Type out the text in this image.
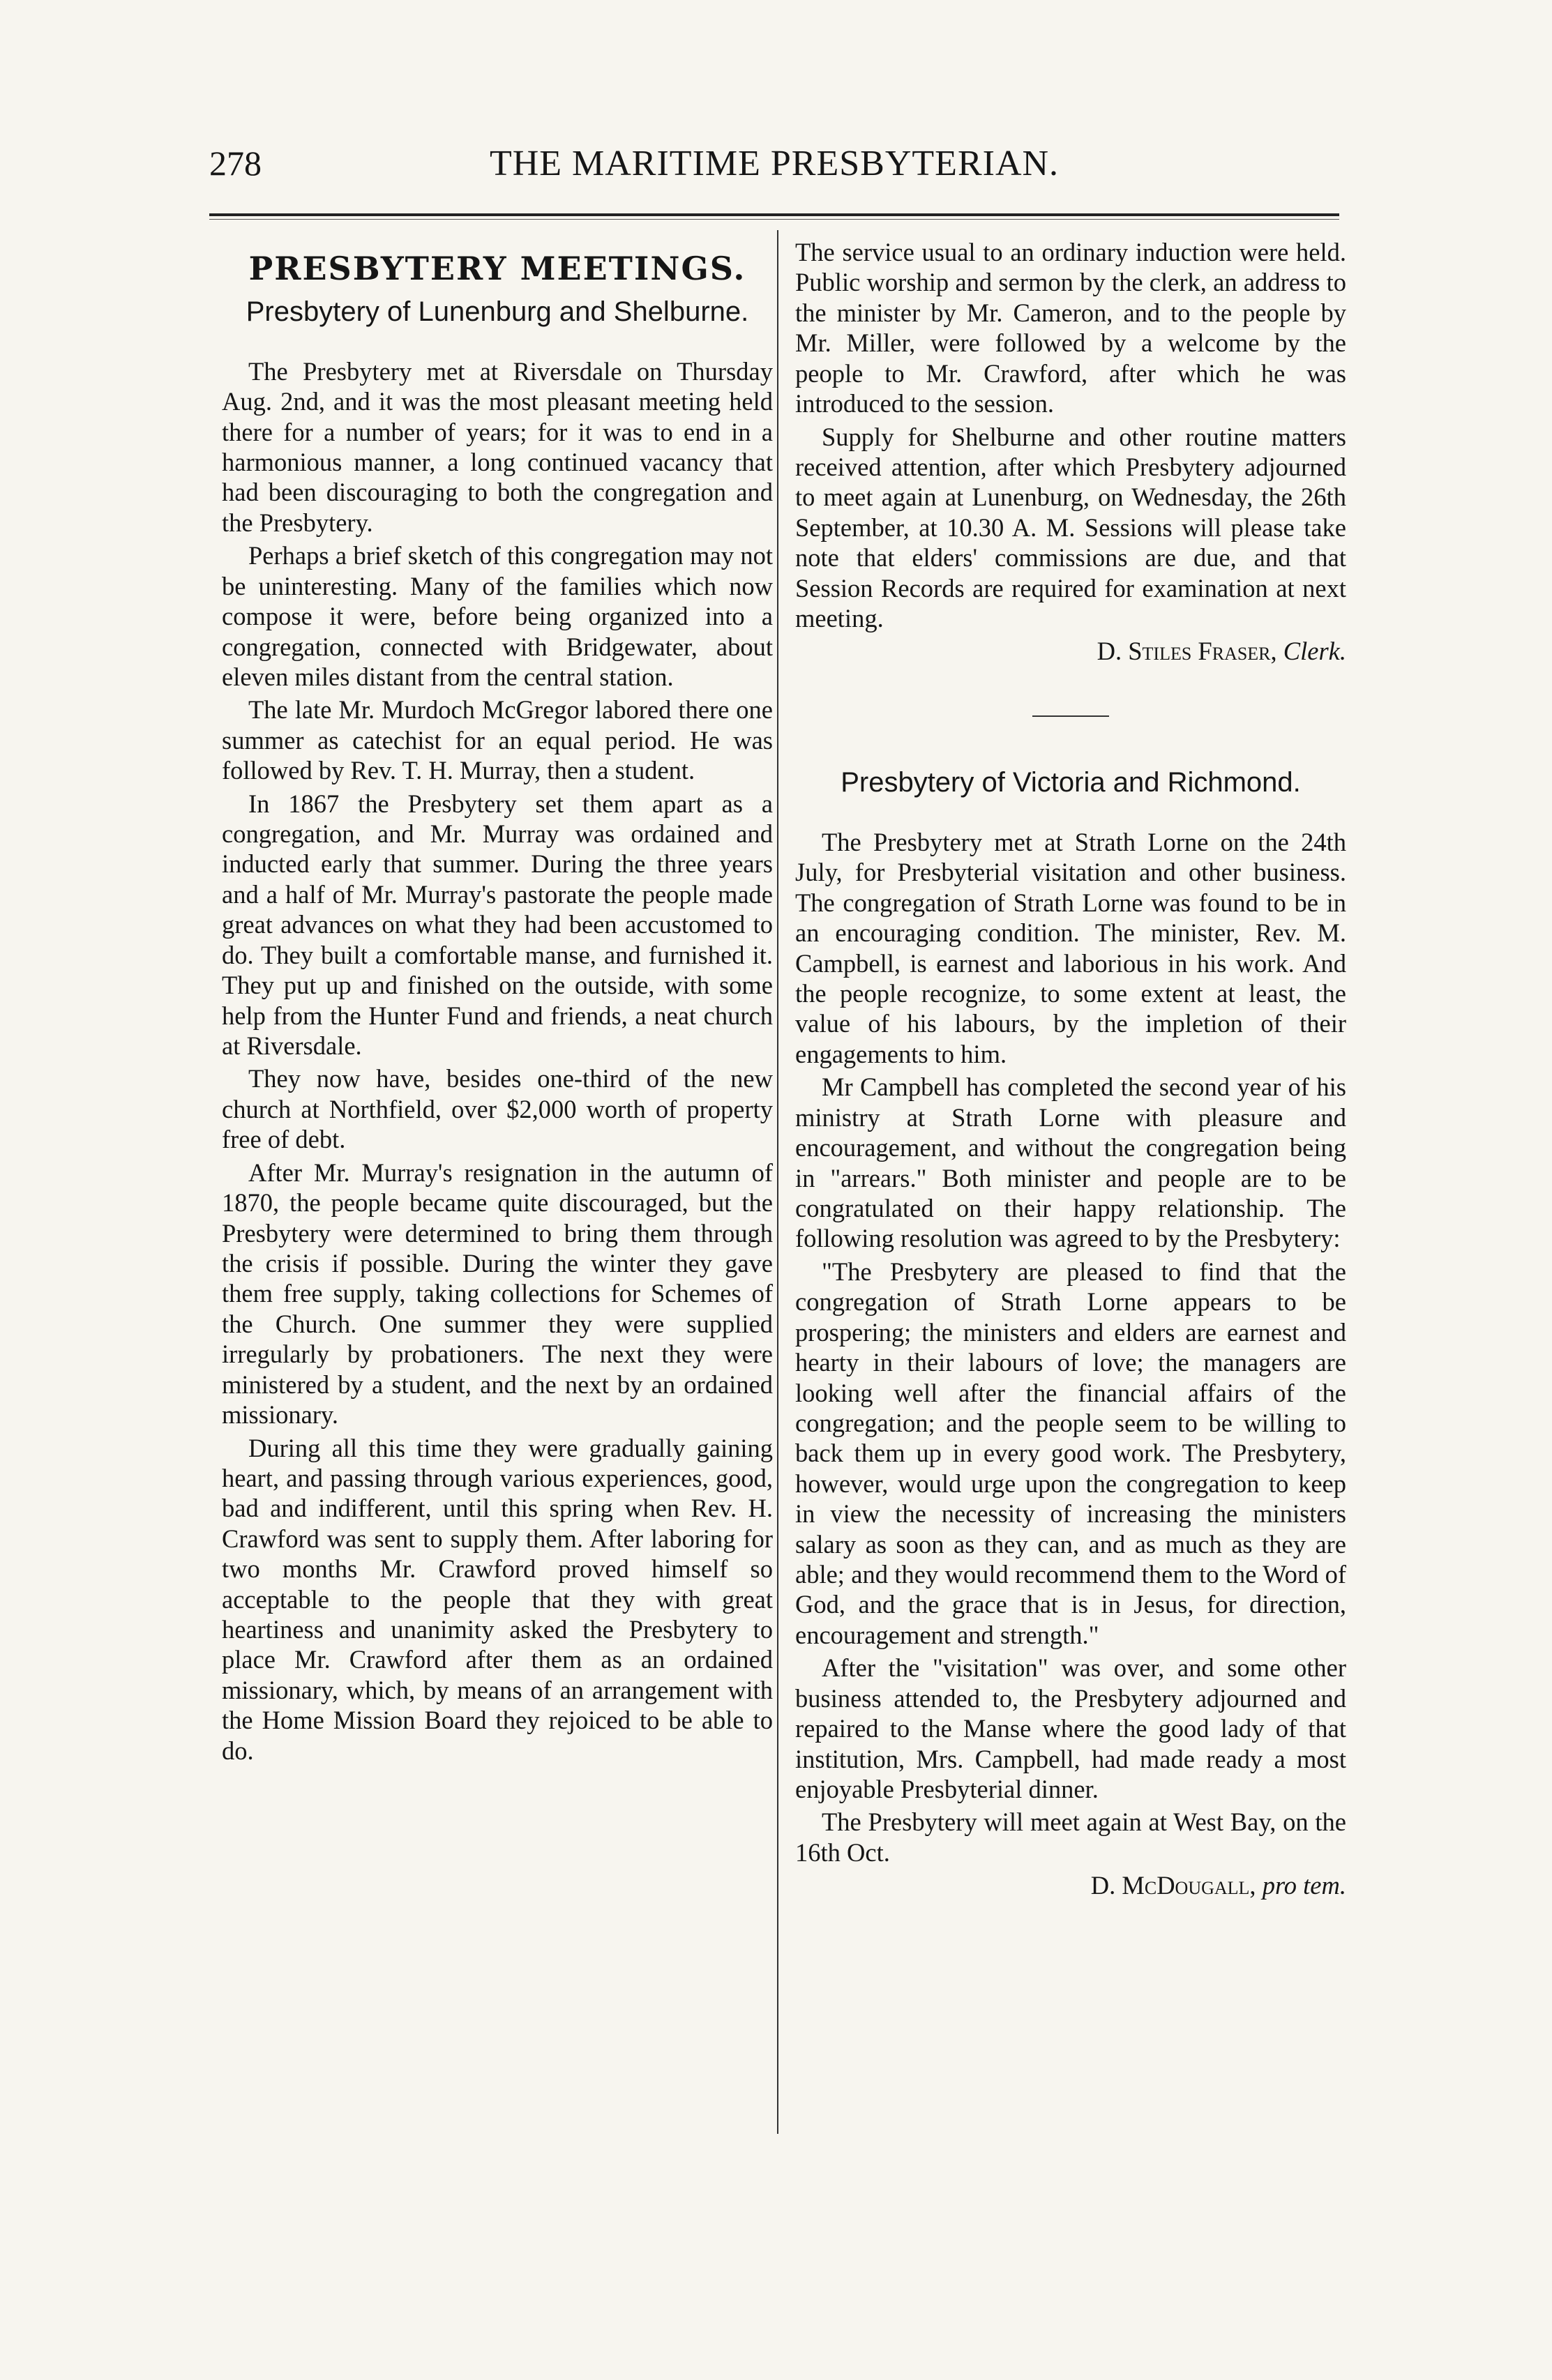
278	THE MARITIME PRESBYTERIAN.
PRESBYTERY MEETINGS.
Presbytery of Lunenburg and Shelburne.

The Presbytery met at Riversdale on Thursday Aug. 2nd, and it was the most pleasant meeting held there for a number of years; for it was to end in a harmonious manner, a long continued vacancy that had been discouraging to both the congregation and the Presbytery.

Perhaps a brief sketch of this congregation may not be uninteresting. Many of the families which now compose it were, before being organized into a congregation, connected with Bridgewater, about eleven miles distant from the central station.

The late Mr. Murdoch McGregor labored there one summer as catechist for an equal period. He was followed by Rev. T. H. Murray, then a student.

In 1867 the Presbytery set them apart as a congregation, and Mr. Murray was ordained and inducted early that summer. During the three years and a half of Mr. Murray's pastorate the people made great advances on what they had been accustomed to do. They built a comfortable manse, and furnished it. They put up and finished on the outside, with some help from the Hunter Fund and friends, a neat church at Riversdale.

They now have, besides one-third of the new church at Northfield, over $2,000 worth of property free of debt.

After Mr. Murray's resignation in the autumn of 1870, the people became quite discouraged, but the Presbytery were determined to bring them through the crisis if possible. During the winter they gave them free supply, taking collections for Schemes of the Church. One summer they were supplied irregularly by probationers. The next they were ministered by a student, and the next by an ordained missionary.

During all this time they were gradually gaining heart, and passing through various experiences, good, bad and indifferent, until this spring when Rev. H. Crawford was sent to supply them. After laboring for two months Mr. Crawford proved himself so acceptable to the people that they with great heartiness and unanimity asked the Presbytery to place Mr. Crawford after them as an ordained missionary, which, by means of an arrangement with the Home Mission Board they rejoiced to be able to do.

The service usual to an ordinary induction were held. Public worship and sermon by the clerk, an address to the minister by Mr. Cameron, and to the people by Mr. Miller, were followed by a welcome by the people to Mr. Crawford, after which he was introduced to the session.

Supply for Shelburne and other routine matters received attention, after which Presbytery adjourned to meet again at Lunenburg, on Wednesday, the 26th September, at 10.30 A. M. Sessions will please take note that elders' commissions are due, and that Session Records are required for examination at next meeting.

D. Stiles Fraser, Clerk.

Presbytery of Victoria and Richmond.

The Presbytery met at Strath Lorne on the 24th July, for Presbyterial visitation and other business. The congregation of Strath Lorne was found to be in an encouraging condition. The minister, Rev. M. Campbell, is earnest and laborious in his work. And the people recognize, to some extent at least, the value of his labours, by the impletion of their engagements to him.

Mr Campbell has completed the second year of his ministry at Strath Lorne with pleasure and encouragement, and without the congregation being in "arrears." Both minister and people are to be congratulated on their happy relationship. The following resolution was agreed to by the Presbytery:

"The Presbytery are pleased to find that the congregation of Strath Lorne appears to be prospering; the ministers and elders are earnest and hearty in their labours of love; the managers are looking well after the financial affairs of the congregation; and the people seem to be willing to back them up in every good work. The Presbytery, however, would urge upon the congregation to keep in view the necessity of increasing the ministers salary as soon as they can, and as much as they are able; and they would recommend them to the Word of God, and the grace that is in Jesus, for direction, encouragement and strength."

After the "visitation" was over, and some other business attended to, the Presbytery adjourned and repaired to the Manse where the good lady of that institution, Mrs. Campbell, had made ready a most enjoyable Presbyterial dinner.

The Presbytery will meet again at West Bay, on the 16th Oct.

D. McDougall, pro tem.
